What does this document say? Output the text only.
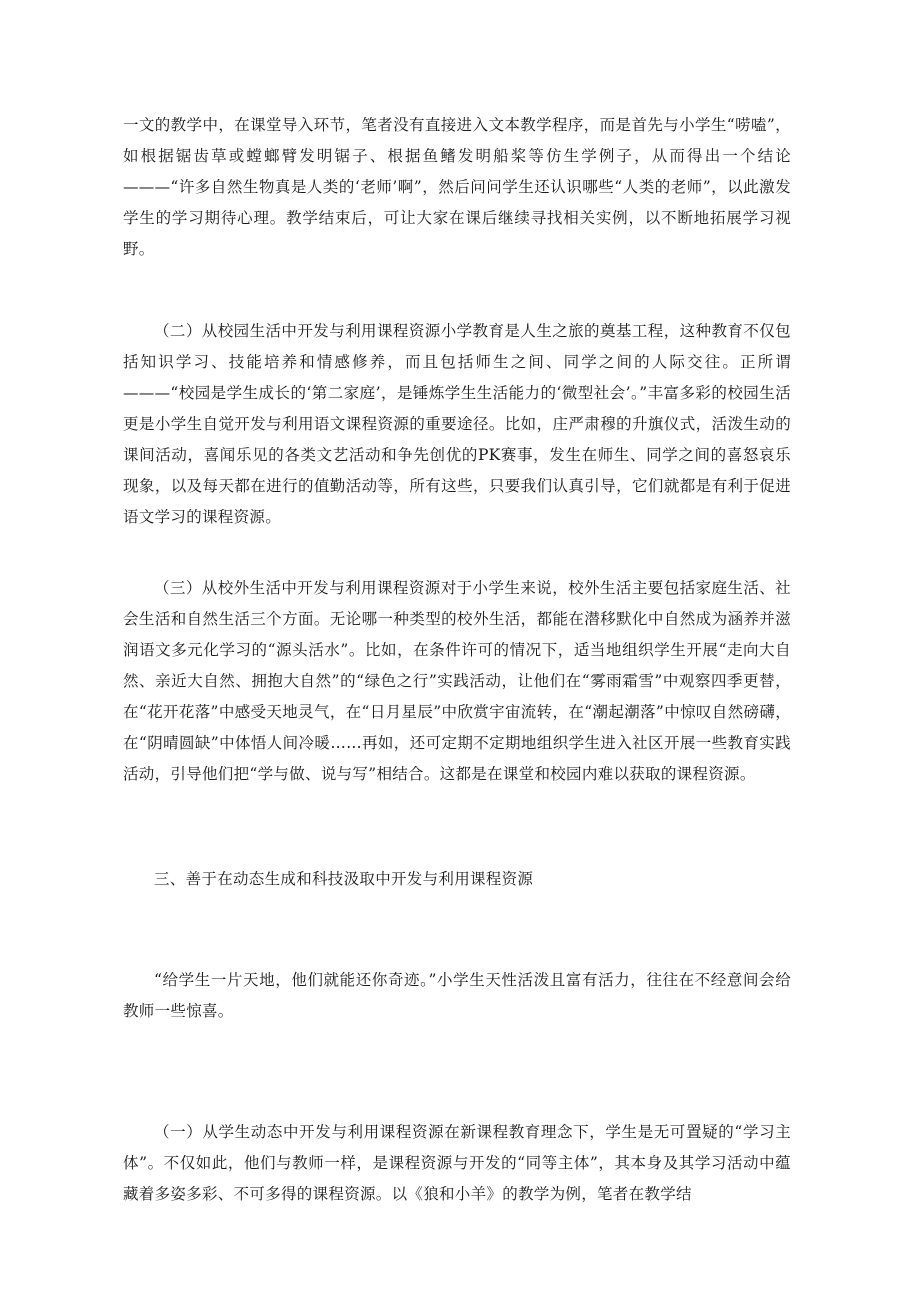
一文的教学中，在课堂导入环节，笔者没有直接进入文本教学程序，而是首先与小学生“唠嗑”，如根据锯齿草或螳螂臂发明锯子、根据鱼鳍发明船桨等仿生学例子，从而得出一个结论———“许多自然生物真是人类的‘老师’啊”，然后问问学生还认识哪些“人类的老师”，以此激发学生的学习期待心理。教学结束后，可让大家在课后继续寻找相关实例，以不断地拓展学习视野。

（二）从校园生活中开发与利用课程资源小学教育是人生之旅的奠基工程，这种教育不仅包括知识学习、技能培养和情感修养，而且包括师生之间、同学之间的人际交往。正所谓———“校园是学生成长的‘第二家庭’，是锤炼学生生活能力的‘微型社会’。”丰富多彩的校园生活更是小学生自觉开发与利用语文课程资源的重要途径。比如，庄严肃穆的升旗仪式，活泼生动的课间活动，喜闻乐见的各类文艺活动和争先创优的PK赛事，发生在师生、同学之间的喜怒哀乐现象，以及每天都在进行的值勤活动等，所有这些，只要我们认真引导，它们就都是有利于促进语文学习的课程资源。

（三）从校外生活中开发与利用课程资源对于小学生来说，校外生活主要包括家庭生活、社会生活和自然生活三个方面。无论哪一种类型的校外生活，都能在潜移默化中自然成为涵养并滋润语文多元化学习的“源头活水”。比如，在条件许可的情况下，适当地组织学生开展“走向大自然、亲近大自然、拥抱大自然”的“绿色之行”实践活动，让他们在“雾雨霜雪”中观察四季更替，在“花开花落”中感受天地灵气，在“日月星辰”中欣赏宇宙流转，在“潮起潮落”中惊叹自然磅礴，在“阴晴圆缺”中体悟人间冷暖……再如，还可定期不定期地组织学生进入社区开展一些教育实践活动，引导他们把“学与做、说与写”相结合。这都是在课堂和校园内难以获取的课程资源。

三、善于在动态生成和科技汲取中开发与利用课程资源

“给学生一片天地，他们就能还你奇迹。”小学生天性活泼且富有活力，往往在不经意间会给教师一些惊喜。

（一）从学生动态中开发与利用课程资源在新课程教育理念下，学生是无可置疑的“学习主体”。不仅如此，他们与教师一样，是课程资源与开发的“同等主体”，其本身及其学习活动中蕴藏着多姿多彩、不可多得的课程资源。以《狼和小羊》的教学为例，笔者在教学结
